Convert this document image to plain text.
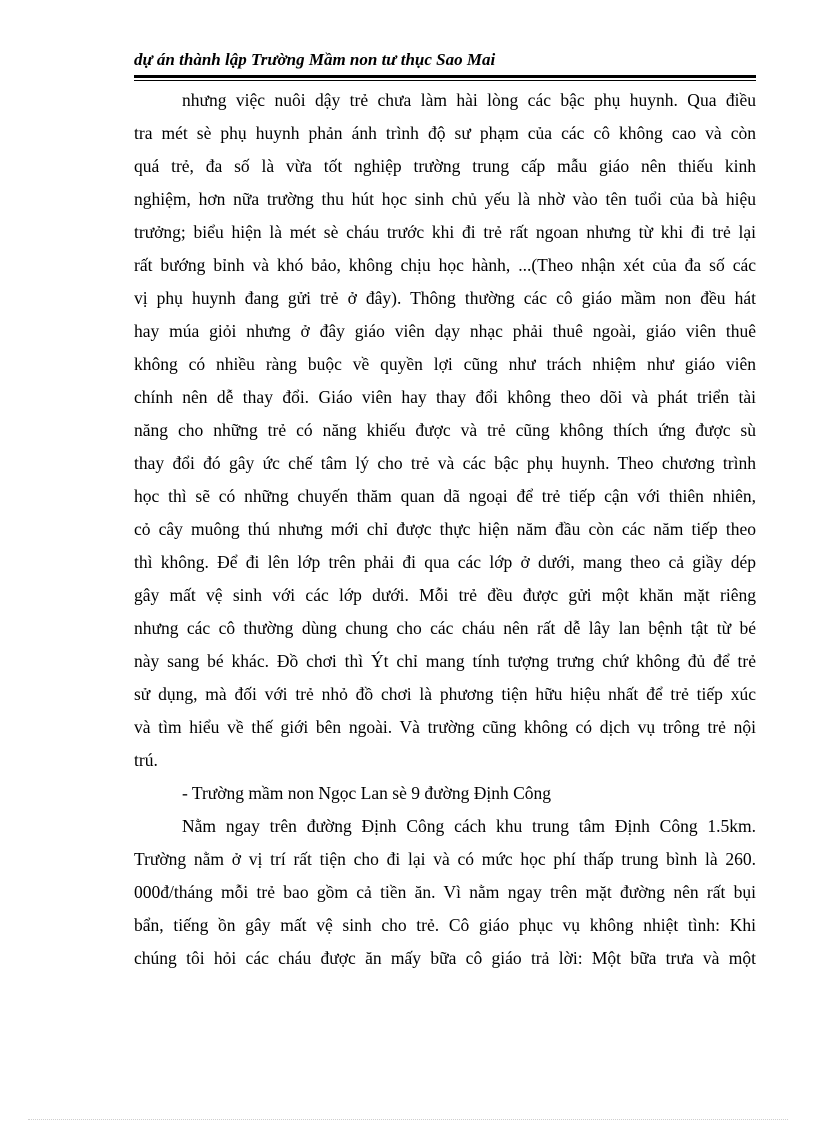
dự án thành lập Trường Mầm non tư thục Sao Mai
nhưng việc nuôi dậy trẻ chưa làm hài lòng các bậc phụ huynh. Qua điều
tra mét sè phụ huynh phản ánh trình độ sư phạm của các cô không cao và còn
quá trẻ, đa số là vừa tốt nghiệp trường trung cấp mẫu giáo nên thiếu kinh
nghiệm, hơn nữa trường thu hút học sinh chủ yếu là nhờ vào tên tuổi của bà hiệu
trưởng; biểu hiện là mét sè cháu trước khi đi trẻ rất ngoan nhưng từ khi đi trẻ lại
rất bướng bỉnh và khó bảo, không chịu học hành, ...(Theo nhận xét của đa số các
vị phụ huynh đang gửi trẻ ở đây). Thông thường các cô giáo mầm non đều hát
hay múa giỏi nhưng ở đây giáo viên dạy nhạc phải thuê ngoài, giáo viên thuê
không có nhiều ràng buộc về quyền lợi cũng như trách nhiệm như giáo viên
chính nên dễ thay đổi. Giáo viên hay thay đổi không theo dõi và phát triển tài
năng cho những trẻ có năng khiếu được và trẻ cũng không thích ứng được sù
thay đổi đó gây ức chế tâm lý cho trẻ và các bậc phụ huynh. Theo chương trình
học thì sẽ có những chuyến thăm quan dã ngoại để trẻ tiếp cận với thiên nhiên,
cỏ cây muông thú nhưng mới chỉ được thực hiện năm đầu còn các năm tiếp theo
thì không. Để đi lên lớp trên phải đi qua các lớp ở dưới, mang theo cả giầy dép
gây mất vệ sinh với các lớp dưới. Mỗi trẻ đều được gửi một khăn mặt riêng
nhưng các cô thường dùng chung cho các cháu nên rất dễ lây lan bệnh tật từ bé
này sang bé khác. Đồ chơi thì Ýt chỉ mang tính tượng trưng chứ không đủ để trẻ
sử dụng, mà đối với trẻ nhỏ đồ chơi là phương tiện hữu hiệu nhất để trẻ tiếp xúc
và tìm hiểu về thế giới bên ngoài. Và trường cũng không có dịch vụ trông trẻ nội
trú.
- Trường mầm non Ngọc Lan sè 9 đường Định Công
Nằm ngay trên đường Định Công cách khu trung tâm Định Công 1.5km.
Trường nằm ở vị trí rất tiện cho đi lại và có mức học phí thấp trung bình là 260.
000đ/tháng mỗi trẻ bao gồm cả tiền ăn. Vì nằm ngay trên mặt đường nên rất bụi
bẩn, tiếng ồn gây mất vệ sinh cho trẻ. Cô giáo phục vụ không nhiệt tình: Khi
chúng tôi hỏi các cháu được ăn mấy bữa cô giáo trả lời: Một bữa trưa và một
